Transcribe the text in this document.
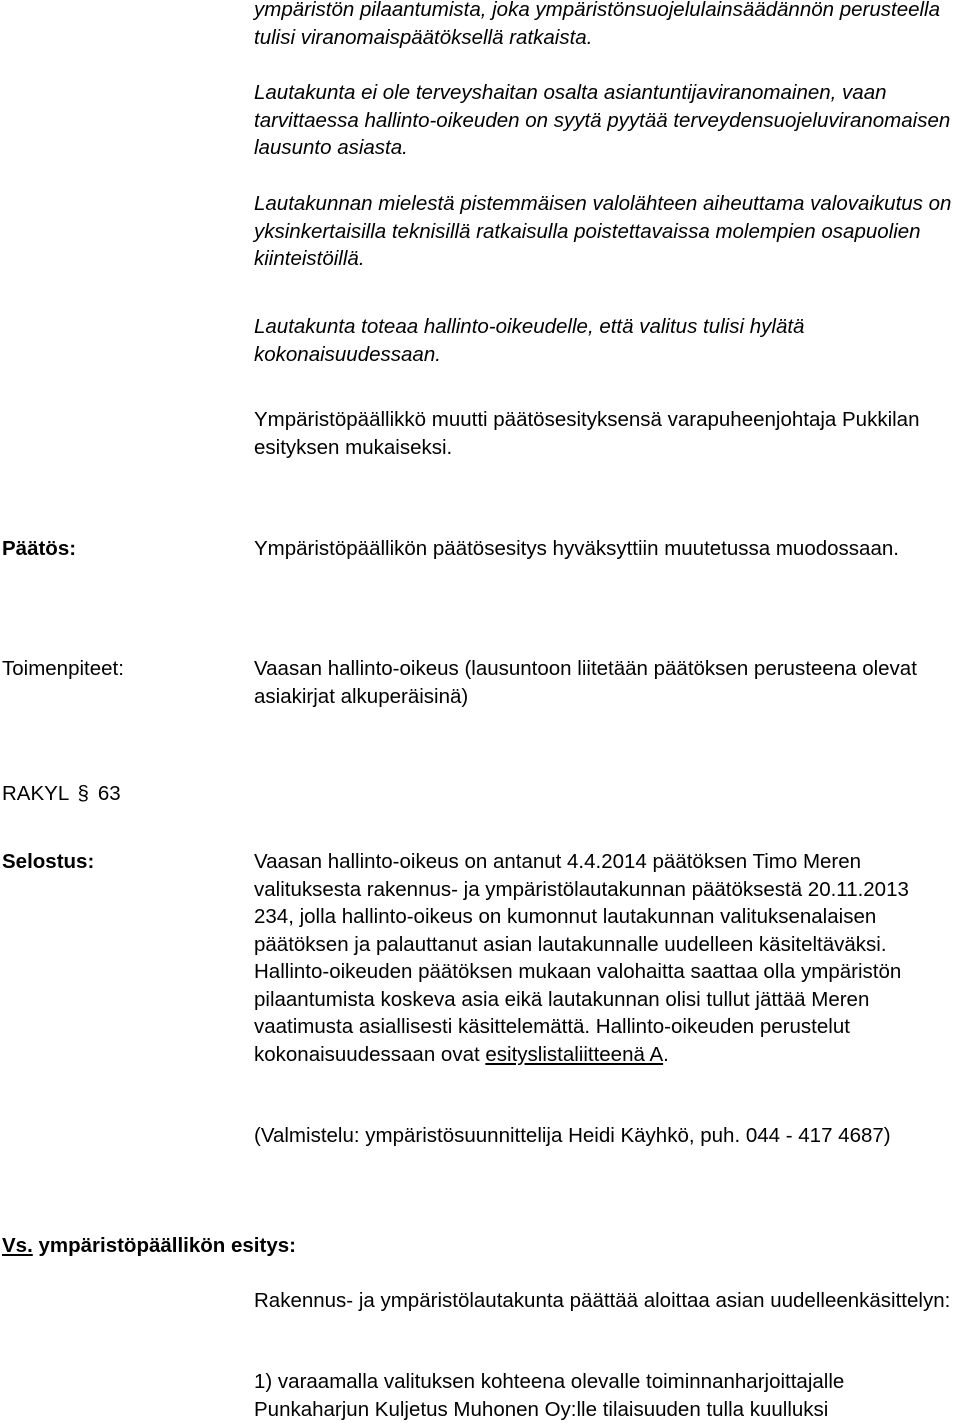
ympäristön pilaantumista, joka ympäristönsuojelulainsäädännön perusteella tulisi viranomaispäätöksellä ratkaista.

Lautakunta ei ole terveyshaitan osalta asiantuntijaviranomainen, vaan tarvittaessa hallinto-oikeuden on syytä pyytää terveydensuojeluviranomaisen lausunto asiasta.

Lautakunnan mielestä pistemmäisen valolähteen aiheuttama valovaikutus on yksinkertaisilla teknisillä ratkaisulla poistettavaissa molempien osapuolien kiinteistöillä.

Lautakunta toteaa hallinto-oikeudelle, että valitus tulisi hylätä kokonaisuudessaan.

Ympäristöpäällikkö muutti päätösesityksensä varapuheenjohtaja Pukkilan esityksen mukaiseksi.

Päätös:	Ympäristöpäällikön päätösesitys hyväksyttiin muutetussa muodossaan.

Toimenpiteet:	Vaasan hallinto-oikeus (lausuntoon liitetään päätöksen perusteena olevat asiakirjat alkuperäisinä)

RAKYL § 63

Selostus:	Vaasan hallinto-oikeus on antanut 4.4.2014 päätöksen Timo Meren valituksesta rakennus- ja ympäristölautakunnan päätöksestä 20.11.2013 234, jolla hallinto-oikeus on kumonnut lautakunnan valituksenalaisen päätöksen ja palauttanut asian lautakunnalle uudelleen käsiteltäväksi. Hallinto-oikeuden päätöksen mukaan valohaitta saattaa olla ympäristön pilaantumista koskeva asia eikä lautakunnan olisi tullut jättää Meren vaatimusta asiallisesti käsittelemättä. Hallinto-oikeuden perustelut kokonaisuudessaan ovat esityslistaliitteenä A.

(Valmistelu: ympäristösuunnittelija Heidi Käyhkö, puh. 044 - 417 4687)

Vs. ympäristöpäällikön esitys:

Rakennus- ja ympäristölautakunta päättää aloittaa asian uudelleenkäsittelyn:

1) varaamalla valituksen kohteena olevalle toiminnanharjoittajalle Punkaharjun Kuljetus Muhonen Oy:lle tilaisuuden tulla kuulluksi
